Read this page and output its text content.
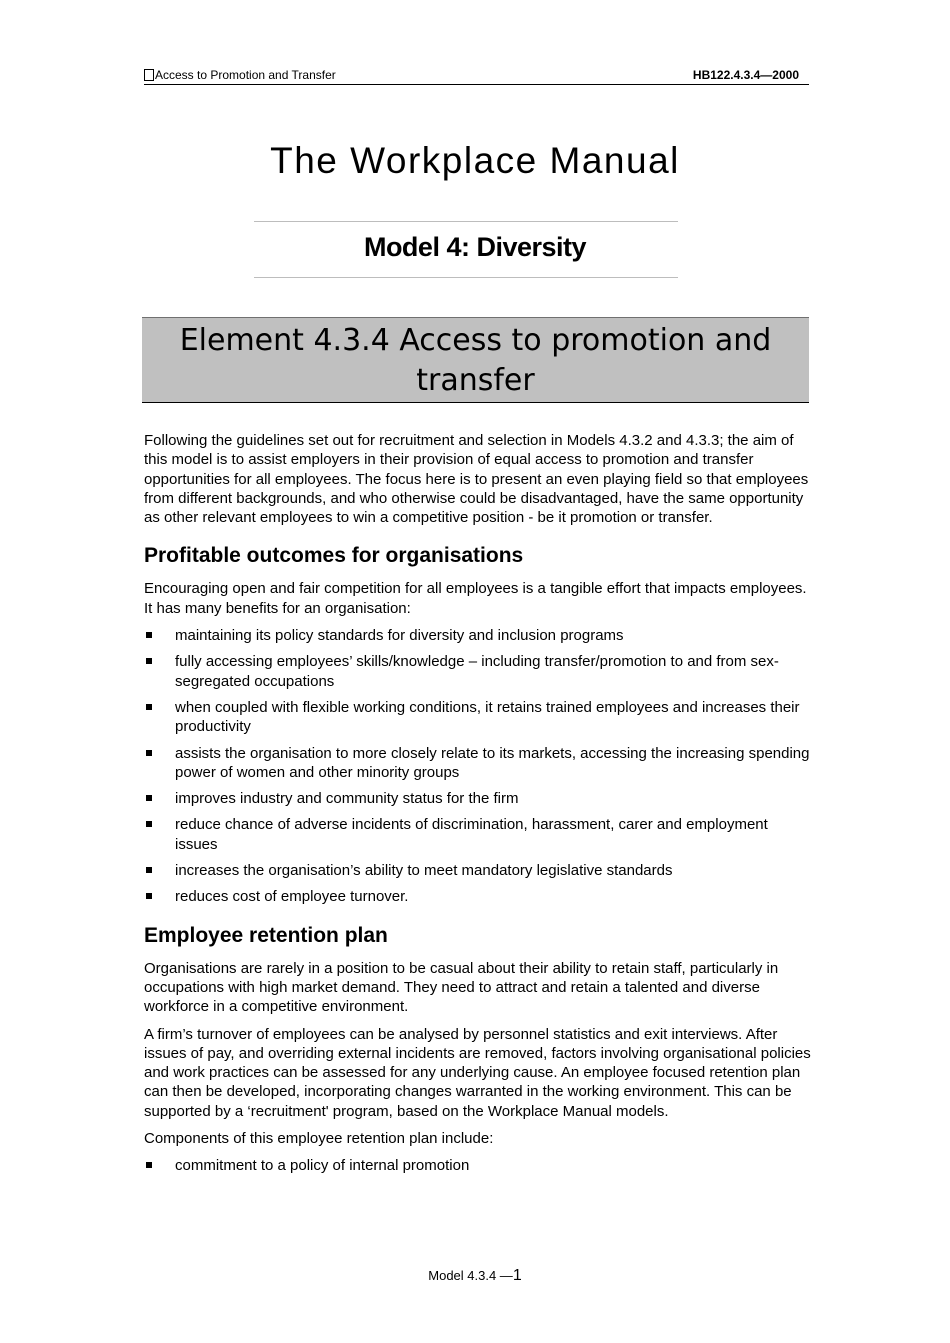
Access to Promotion and Transfer	HB122.4.3.4—2000
The Workplace Manual
Model 4: Diversity
Element 4.3.4 Access to promotion and
transfer

Following the guidelines set out for recruitment and selection in Models 4.3.2 and 4.3.3; the aim of this model is to assist employers in their provision of equal access to promotion and transfer opportunities for all employees. The focus here is to present an even playing field so that employees from different backgrounds, and who otherwise could be disadvantaged, have the same opportunity as other relevant employees to win a competitive position - be it promotion or transfer.

Profitable outcomes for organisations

Encouraging open and fair competition for all employees is a tangible effort that impacts employees. It has many benefits for an organisation:

maintaining its policy standards for diversity and inclusion programs
fully accessing employees’ skills/knowledge – including transfer/promotion to and from sex-segregated occupations
when coupled with flexible working conditions, it retains trained employees and increases their productivity
assists the organisation to more closely relate to its markets, accessing the increasing spending power of women and other minority groups
improves industry and community status for the firm
reduce chance of adverse incidents of discrimination, harassment, carer and employment issues
increases the organisation’s ability to meet mandatory legislative standards
reduces cost of employee turnover.
Employee retention plan

Organisations are rarely in a position to be casual about their ability to retain staff, particularly in occupations with high market demand. They need to attract and retain a talented and diverse workforce in a competitive environment.

A firm’s turnover of employees can be analysed by personnel statistics and exit interviews. After issues of pay, and overriding external incidents are removed, factors involving organisational policies and work practices can be assessed for any underlying cause. An employee focused retention plan can then be developed, incorporating changes warranted in the working environment. This can be supported by a ‘recruitment' program, based on the Workplace Manual models.

Components of this employee retention plan include:

commitment to a policy of internal promotion
Model 4.3.4 —1
